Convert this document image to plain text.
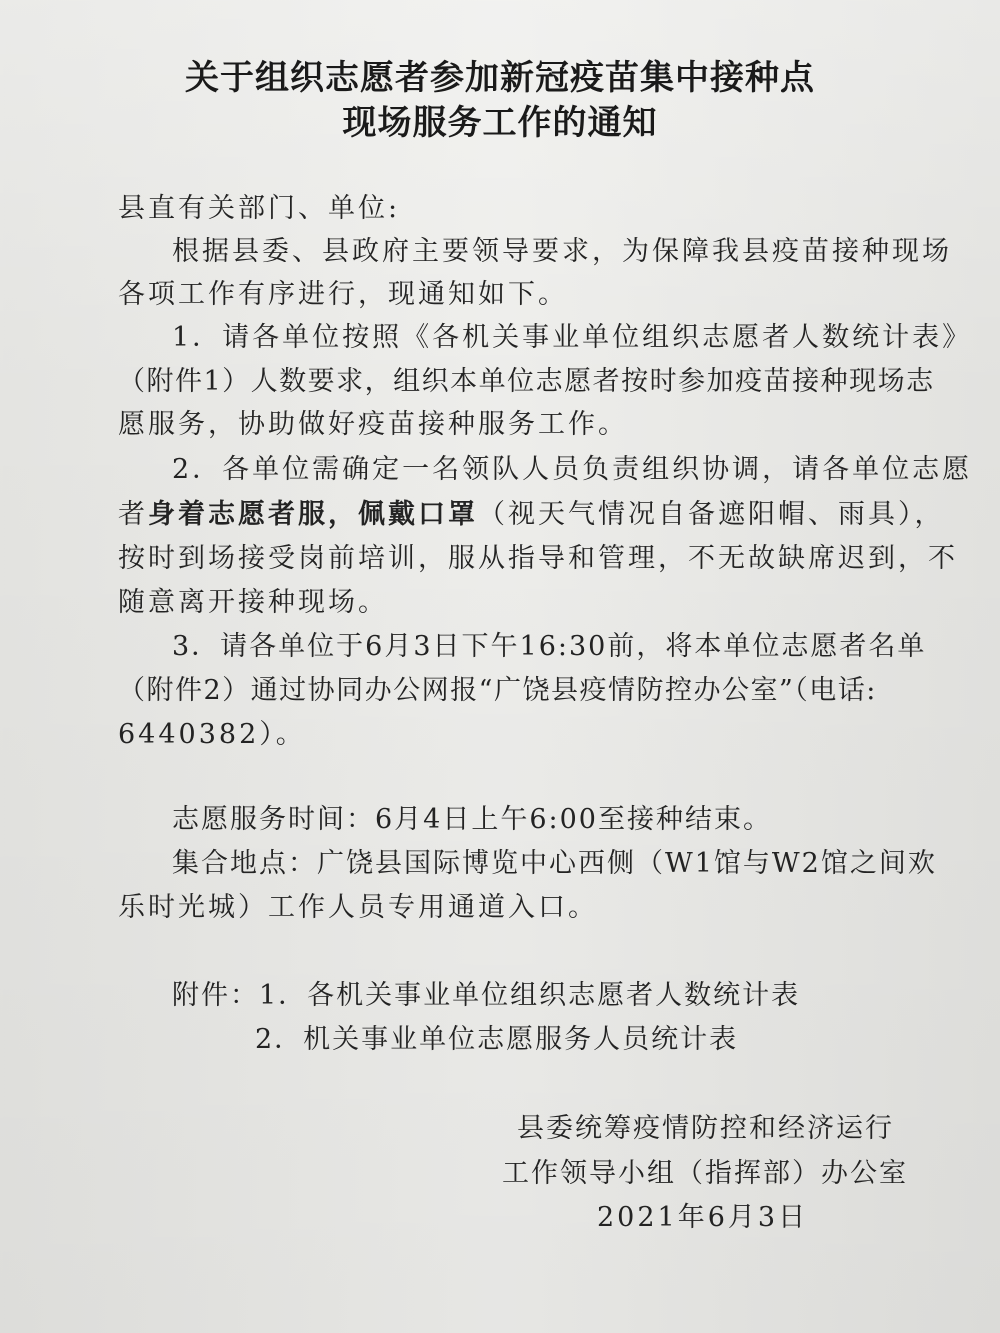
关于组织志愿者参加新冠疫苗集中接种点
现场服务工作的通知
县直有关部门、单位:
根据县委、县政府主要领导要求，为保障我县疫苗接种现场
各项工作有序进行，现通知如下。
1．请各单位按照《各机关事业单位组织志愿者人数统计表》
（附件1）人数要求，组织本单位志愿者按时参加疫苗接种现场志
愿服务，协助做好疫苗接种服务工作。
2．各单位需确定一名领队人员负责组织协调，请各单位志愿
者身着志愿者服，佩戴口罩（视天气情况自备遮阳帽、雨具），
按时到场接受岗前培训，服从指导和管理，不无故缺席迟到，不
随意离开接种现场。
3．请各单位于6月3日下午16:30前，将本单位志愿者名单
（附件2）通过协同办公网报“广饶县疫情防控办公室”（电话:
6440382）。
志愿服务时间：6月4日上午6:00至接种结束。
集合地点：广饶县国际博览中心西侧（W1馆与W2馆之间欢
乐时光城）工作人员专用通道入口。
附件：1．各机关事业单位组织志愿者人数统计表
2．机关事业单位志愿服务人员统计表
县委统筹疫情防控和经济运行
工作领导小组（指挥部）办公室
2021年6月3日
